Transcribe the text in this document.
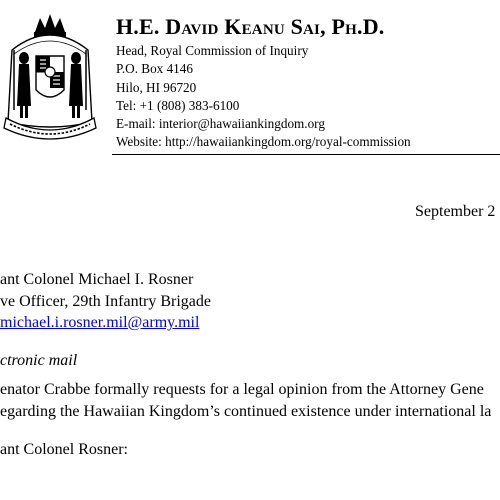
H.E. David Keanu Sai, Ph.D.
Head, Royal Commission of Inquiry
P.O. Box 4146
Hilo, HI 96720
Tel: +1 (808) 383-6100
E-mail: interior@hawaiiankingdom.org
Website: http://hawaiiankingdom.org/royal-commission
September 2
ant Colonel Michael I. Rosner
ve Officer, 29th Infantry Brigade
michael.i.rosner.mil@army.mil
ctronic mail
enator Crabbe formally requests for a legal opinion from the Attorney Gene
egarding the Hawaiian Kingdom’s continued existence under international la
ant Colonel Rosner:
